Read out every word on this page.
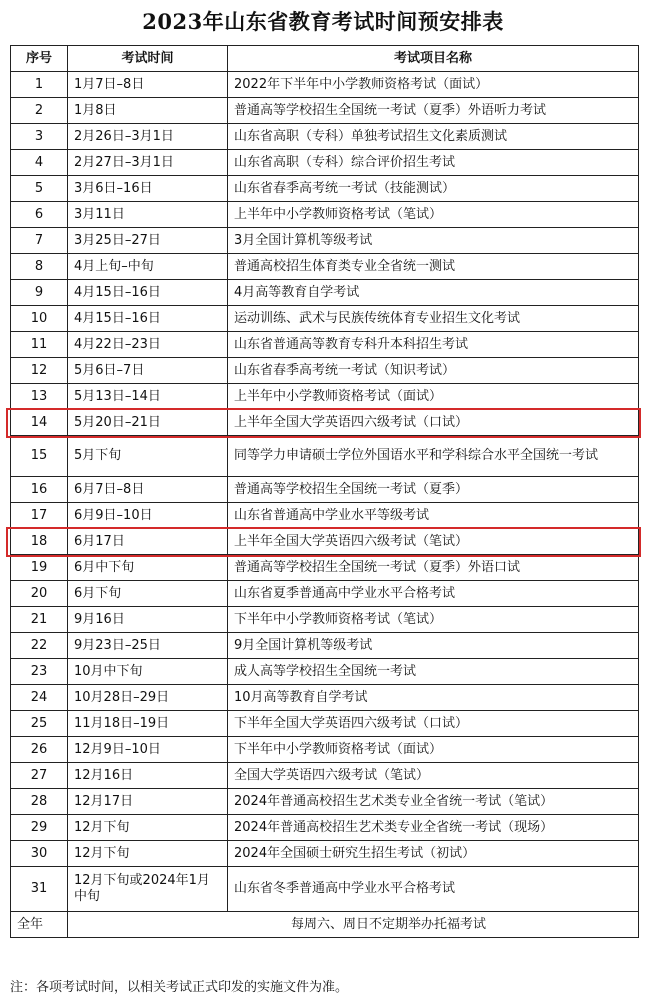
2023年山东省教育考试时间预安排表
序号	考试时间	考试项目名称
1	1月7日–8日	2022年下半年中小学教师资格考试（面试）
2	1月8日	普通高等学校招生全国统一考试（夏季）外语听力考试
3	2月26日–3月1日	山东省高职（专科）单独考试招生文化素质测试
4	2月27日–3月1日	山东省高职（专科）综合评价招生考试
5	3月6日–16日	山东省春季高考统一考试（技能测试）
6	3月11日	上半年中小学教师资格考试（笔试）
7	3月25日–27日	3月全国计算机等级考试
8	4月上旬–中旬	普通高校招生体育类专业全省统一测试
9	4月15日–16日	4月高等教育自学考试
10	4月15日–16日	运动训练、武术与民族传统体育专业招生文化考试
11	4月22日–23日	山东省普通高等教育专科升本科招生考试
12	5月6日–7日	山东省春季高考统一考试（知识考试）
13	5月13日–14日	上半年中小学教师资格考试（面试）
14	5月20日–21日	上半年全国大学英语四六级考试（口试）
15	5月下旬	同等学力申请硕士学位外国语水平和学科综合水平全国统一考试
16	6月7日–8日	普通高等学校招生全国统一考试（夏季）
17	6月9日–10日	山东省普通高中学业水平等级考试
18	6月17日	上半年全国大学英语四六级考试（笔试）
19	6月中下旬	普通高等学校招生全国统一考试（夏季）外语口试
20	6月下旬	山东省夏季普通高中学业水平合格考试
21	9月16日	下半年中小学教师资格考试（笔试）
22	9月23日–25日	9月全国计算机等级考试
23	10月中下旬	成人高等学校招生全国统一考试
24	10月28日–29日	10月高等教育自学考试
25	11月18日–19日	下半年全国大学英语四六级考试（口试）
26	12月9日–10日	下半年中小学教师资格考试（面试）
27	12月16日	全国大学英语四六级考试（笔试）
28	12月17日	2024年普通高校招生艺术类专业全省统一考试（笔试）
29	12月下旬	2024年普通高校招生艺术类专业全省统一考试（现场）
30	12月下旬	2024年全国硕士研究生招生考试（初试）
31	12月下旬或2024年1月中旬	山东省冬季普通高中学业水平合格考试
全年	每周六、周日不定期举办托福考试	
注：各项考试时间，以相关考试正式印发的实施文件为准。
